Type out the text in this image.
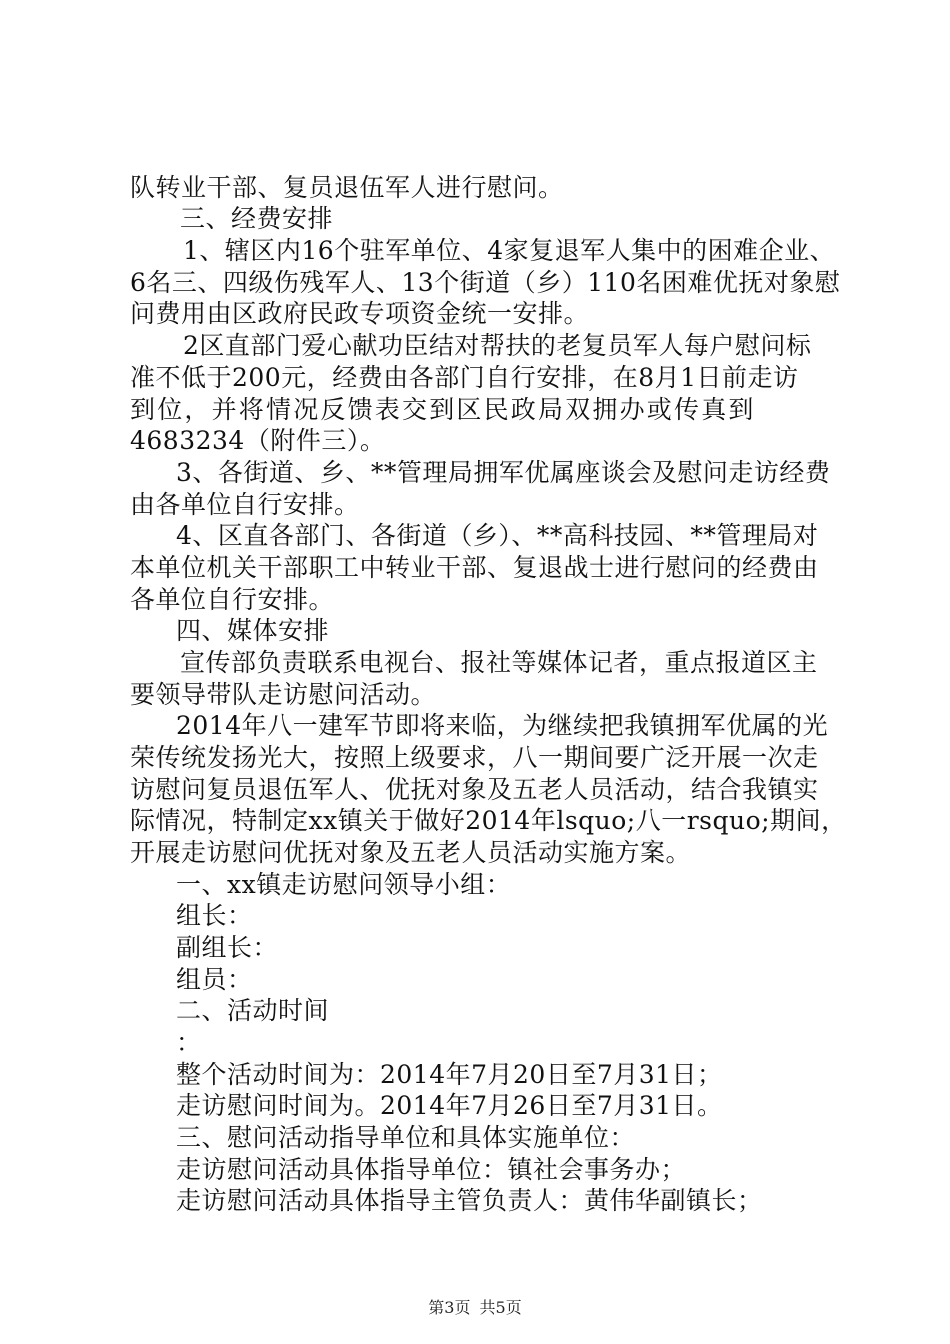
队转业干部、复员退伍军人进行慰问。
三、经费安排
1、辖区内16个驻军单位、4家复退军人集中的困难企业、
6名三、四级伤残军人、13个街道（乡）110名困难优抚对象慰
问费用由区政府民政专项资金统一安排。
2区直部门爱心献功臣结对帮扶的老复员军人每户慰问标
准不低于200元，经费由各部门自行安排，在8月1日前走访
到位，并将情况反馈表交到区民政局双拥办或传真到
4683234（附件三）。
3、各街道、乡、**管理局拥军优属座谈会及慰问走访经费
由各单位自行安排。
4、区直各部门、各街道（乡）、**高科技园、**管理局对
本单位机关干部职工中转业干部、复退战士进行慰问的经费由
各单位自行安排。
四、媒体安排
宣传部负责联系电视台、报社等媒体记者，重点报道区主
要领导带队走访慰问活动。
2014年八一建军节即将来临，为继续把我镇拥军优属的光
荣传统发扬光大，按照上级要求，八一期间要广泛开展一次走
访慰问复员退伍军人、优抚对象及五老人员活动，结合我镇实
际情况，特制定xx镇关于做好2014年lsquo;八一rsquo;期间，
开展走访慰问优抚对象及五老人员活动实施方案。
一、xx镇走访慰问领导小组：
组长：
副组长：
组员：
二、活动时间
：
整个活动时间为：2014年7月20日至7月31日；
走访慰问时间为。2014年7月26日至7月31日。
三、慰问活动指导单位和具体实施单位：
走访慰问活动具体指导单位：镇社会事务办；
走访慰问活动具体指导主管负责人：黄伟华副镇长；
第3页 共5页
